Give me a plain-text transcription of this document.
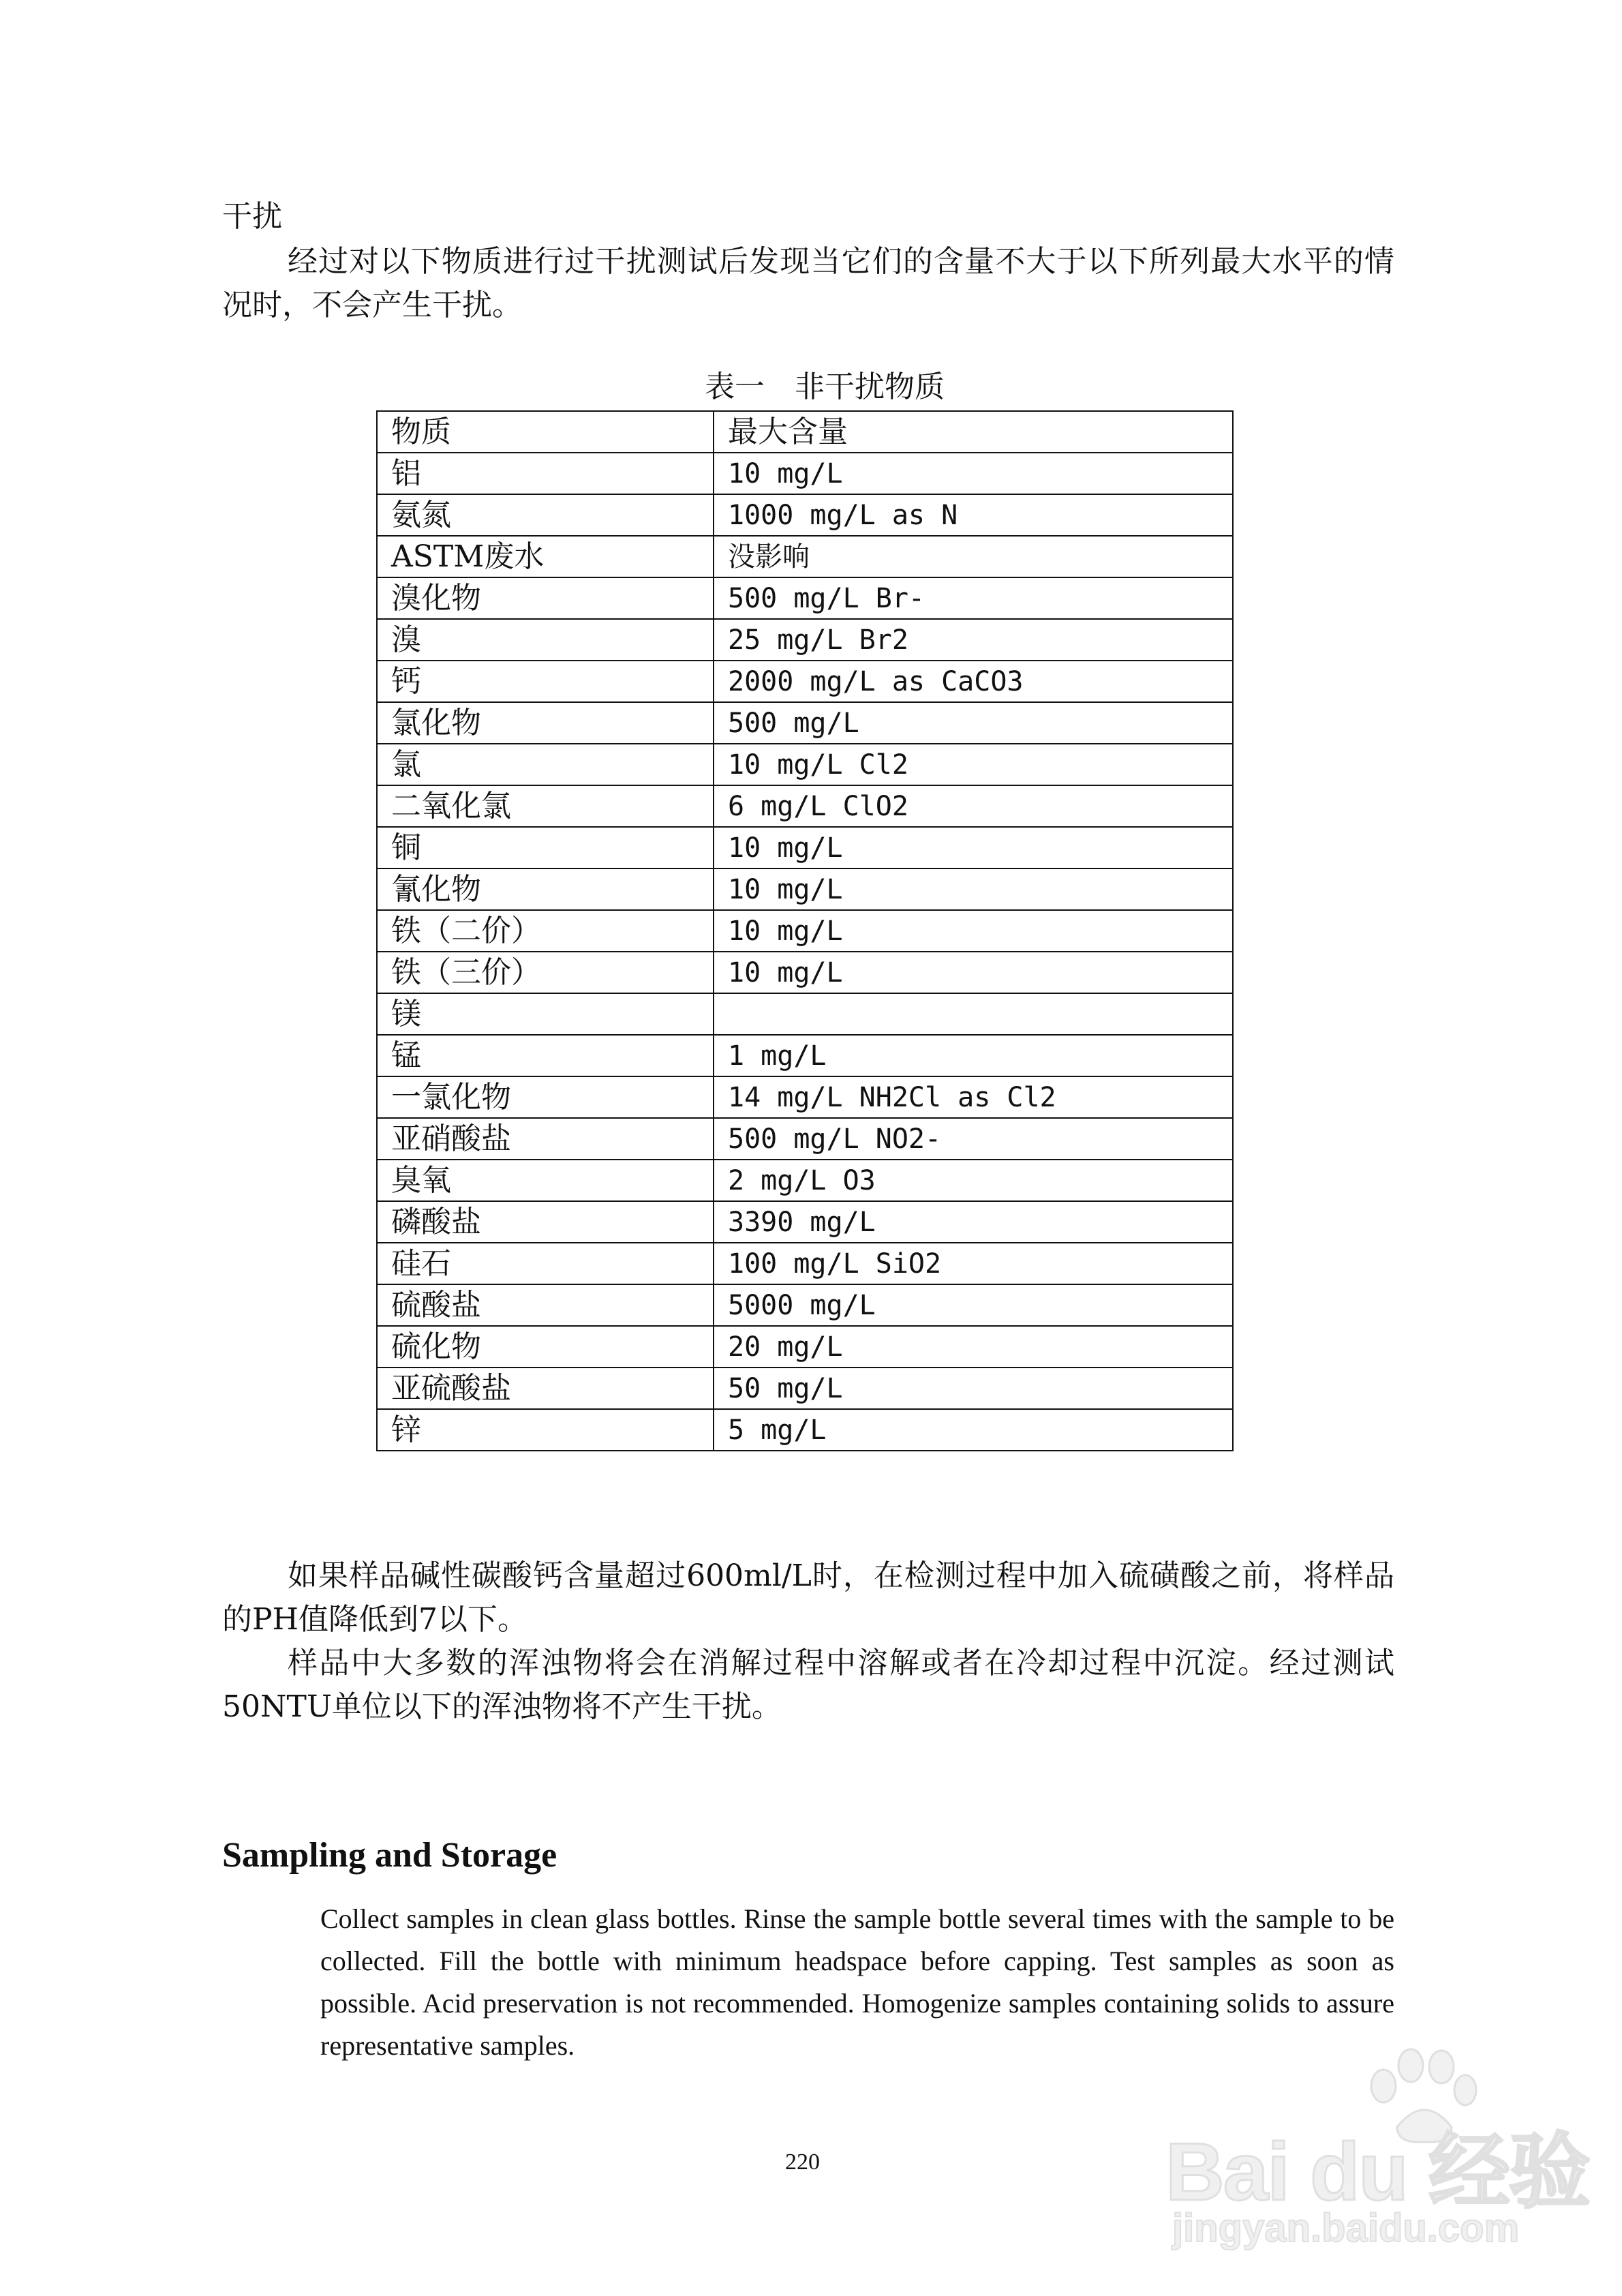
干扰

经过对以下物质进行过干扰测试后发现当它们的含量不大于以下所列最大水平的情况时，不会产生干扰。

表一　非干扰物质
物质	最大含量
铝	10 mg/L
氨氮	1000 mg/L as N
ASTM废水	没影响
溴化物	500 mg/L Br-
溴	25 mg/L Br2
钙	2000 mg/L as CaCO3
氯化物	500 mg/L
氯	10 mg/L Cl2
二氧化氯	6 mg/L ClO2
铜	10 mg/L
氰化物	10 mg/L
铁（二价）	10 mg/L
铁（三价）	10 mg/L
镁	
锰	1 mg/L
一氯化物	14 mg/L NH2Cl as Cl2
亚硝酸盐	500 mg/L NO2-
臭氧	2 mg/L O3
磷酸盐	3390 mg/L
硅石	100 mg/L SiO2
硫酸盐	5000 mg/L
硫化物	20 mg/L
亚硫酸盐	50 mg/L
锌	5 mg/L

如果样品碱性碳酸钙含量超过600ml/L时，在检测过程中加入硫磺酸之前，将样品的PH值降低到7以下。

样品中大多数的浑浊物将会在消解过程中溶解或者在冷却过程中沉淀。经过测试50NTU单位以下的浑浊物将不产生干扰。

Sampling and Storage

Collect samples in clean glass bottles. Rinse the sample bottle several times with the sample to be collected. Fill the bottle with minimum headspace before capping. Test samples as soon as possible. Acid preservation is not recommended. Homogenize samples containing solids to assure representative samples.

220	Bai du 经验
jingyan.baidu.com
